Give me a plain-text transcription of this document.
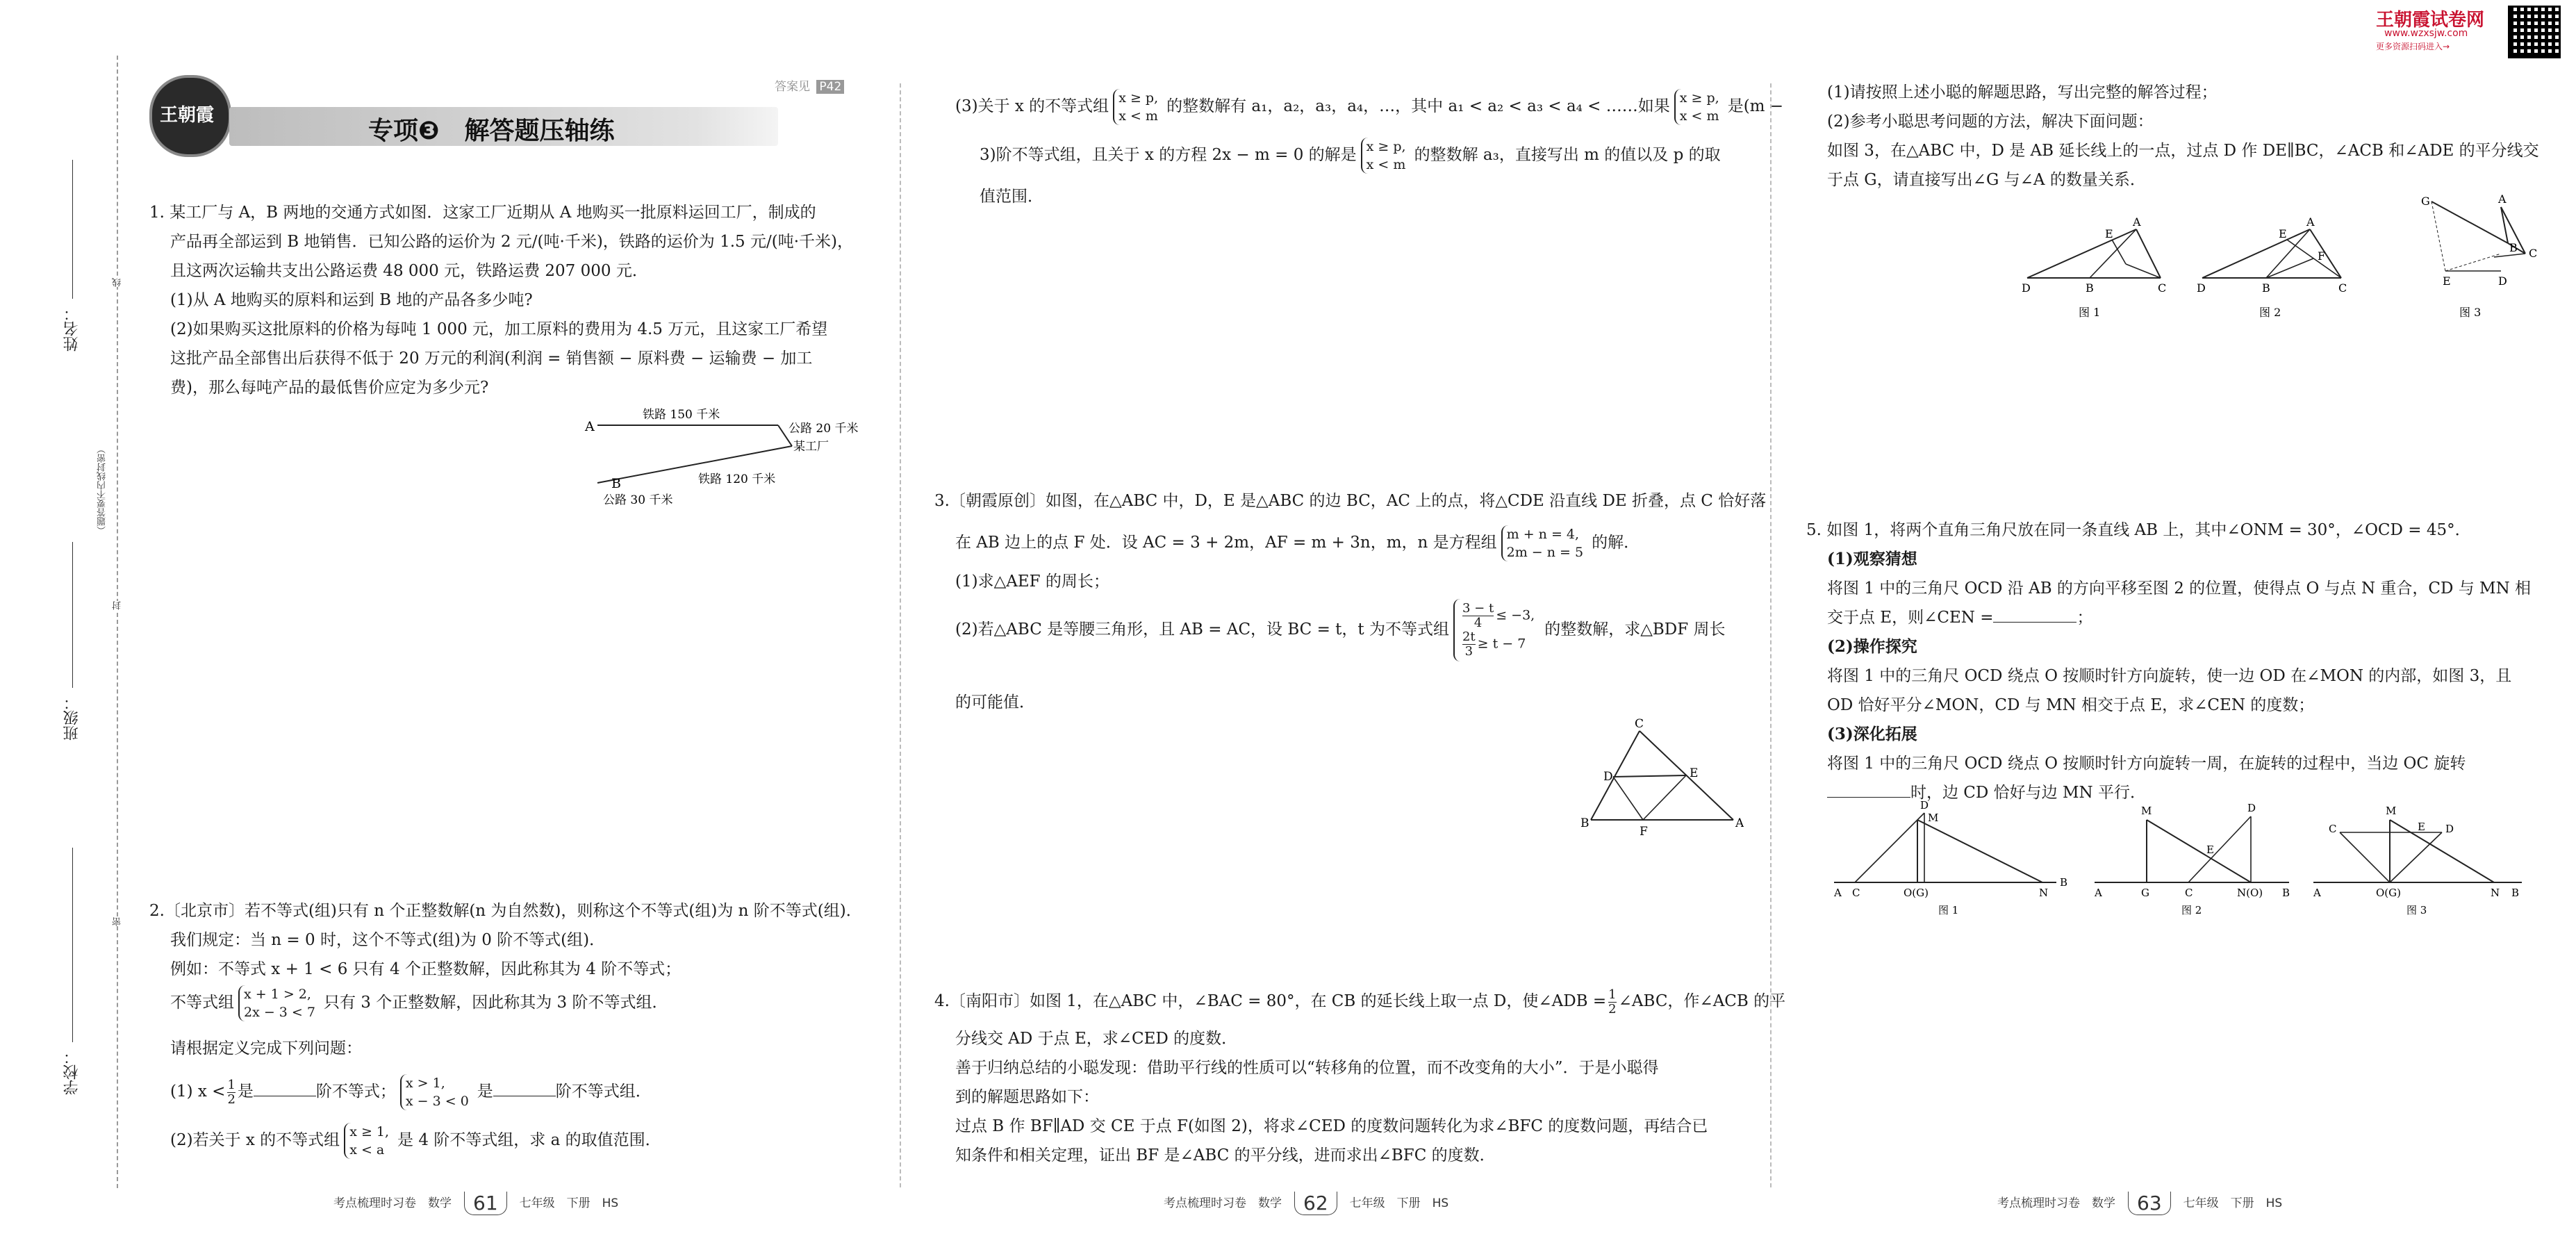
姓名：
班级：
学校：
线
封
密
（题答要不内线封密）
王朝霞
专项❸　解答题压轴练
答案见 P42
王朝霞试卷网
www.wzxsjw.com
更多资源扫码进入→
1. 某工厂与 A，B 两地的交通方式如图．这家工厂近期从 A 地购买一批原料运回工厂，制成的
产品再全部运到 B 地销售．已知公路的运价为 2 元/(吨·千米)，铁路的运价为 1.5 元/(吨·千米)，
且这两次运输共支出公路运费 48 000 元，铁路运费 207 000 元．
(1)从 A 地购买的原料和运到 B 地的产品各多少吨?
(2)如果购买这批原料的价格为每吨 1 000 元，加工原料的费用为 4.5 万元，且这家工厂希望
这批产品全部售出后获得不低于 20 万元的利润(利润 = 销售额 − 原料费 − 运输费 − 加工
费)，那么每吨产品的最低售价应定为多少元?
A
B
铁路 150 千米
公路 20 千米
某工厂
铁路 120 千米
公路 30 千米
2.〔北京市〕若不等式(组)只有 n 个正整数解(n 为自然数)，则称这个不等式(组)为 n 阶不等式(组)．
我们规定：当 n = 0 时，这个不等式(组)为 0 阶不等式(组)．
例如：不等式 x + 1 < 6 只有 4 个正整数解，因此称其为 4 阶不等式；
不等式组 x + 1 > 2,
2x − 3 < 7只有 3 个正整数解，因此称其为 3 阶不等式组．
请根据定义完成下列问题：
(1) $x < \frac{1}{2}$ 是	阶不等式； x > 1,
x − 3 < 0是	阶不等式组．
(2)若关于 x 的不等式组 x ≥ 1,
x < a是 4 阶不等式组，求 a 的取值范围．
考点梳理时习卷　数学 61 七年级　下册　HS
(3)关于 x 的不等式组 x ≥ p,
x < m的整数解有 a₁，a₂，a₃，a₄，…，其中 a₁ < a₂ < a₃ < a₄ < ……如果 x ≥ p,
x < m是(m −
3)阶不等式组，且关于 x 的方程 2x − m = 0 的解是 x ≥ p,
x < m的整数解 a₃，直接写出 m 的值以及 p 的取
值范围．
3.〔朝霞原创〕如图，在△ABC 中，D，E 是△ABC 的边 BC，AC 上的点，将△CDE 沿直线 DE 折叠，点 C 恰好落
在 AB 边上的点 F 处．设 AC = 3 + 2m，AF = m + 3n，m，n 是方程组 m + n = 4,
2m − n = 5的解．
(1)求△AEF 的周长；
(2)若△ABC 是等腰三角形，且 AB = AC，设 BC = t，t 为不等式组 $\frac{3 - t}{4} \le -3$,

$\frac{2t}{3} \ge t - 7$的整数解，求△BDF 周长
的可能值．
C
D	E
B	A
F
4.〔南阳市〕如图 1，在△ABC 中，∠BAC = 80°，在 CB 的延长线上取一点 D，使∠ADB = $\frac{1}{2}$ ∠ABC，作∠ACB 的平
分线交 AD 于点 E，求∠CED 的度数．
善于归纳总结的小聪发现：借助平行线的性质可以“转移角的位置，而不改变角的大小”．于是小聪得
到的解题思路如下：
过点 B 作 BF∥AD 交 CE 于点 F(如图 2)，将求∠CED 的度数问题转化为求∠BFC 的度数问题，再结合已
知条件和相关定理，证出 BF 是∠ABC 的平分线，进而求出∠BFC 的度数．
考点梳理时习卷　数学 62 七年级　下册　HS
(1)请按照上述小聪的解题思路，写出完整的解答过程；
(2)参考小聪思考问题的方法，解决下面问题：
如图 3，在△ABC 中，D 是 AB 延长线上的一点，过点 D 作 DE∥BC，∠ACB 和∠ADE 的平分线交
于点 G，请直接写出∠G 与∠A 的数量关系．
D	B	C
A
E
图 1
D	B	C
A
E
F
图 2
G	A
B C
E	D
图 3
5. 如图 1，将两个直角三角尺放在同一条直线 AB 上，其中∠ONM = 30°，∠OCD = 45°．
(1)观察猜想
将图 1 中的三角尺 OCD 沿 AB 的方向平移至图 2 的位置，使得点 O 与点 N 重合，CD 与 MN 相
交于点 E，则∠CEN =	；
(2)操作探究
将图 1 中的三角尺 OCD 绕点 O 按顺时针方向旋转，使一边 OD 在∠MON 的内部，如图 3，且
OD 恰好平分∠MON，CD 与 MN 相交于点 E，求∠CEN 的度数；
(3)深化拓展
将图 1 中的三角尺 OCD 绕点 O 按顺时针方向旋转一周，在旋转的过程中，当边 OC 旋转
时，边 CD 恰好与边 MN 平行．
A C	O(G)	N
B
D
M
图 1
A	G	C	N(O) B
M	D
E
图 2
A	O(G)	N B
M
C	D
E
图 3
考点梳理时习卷　数学 63 七年级　下册　HS
